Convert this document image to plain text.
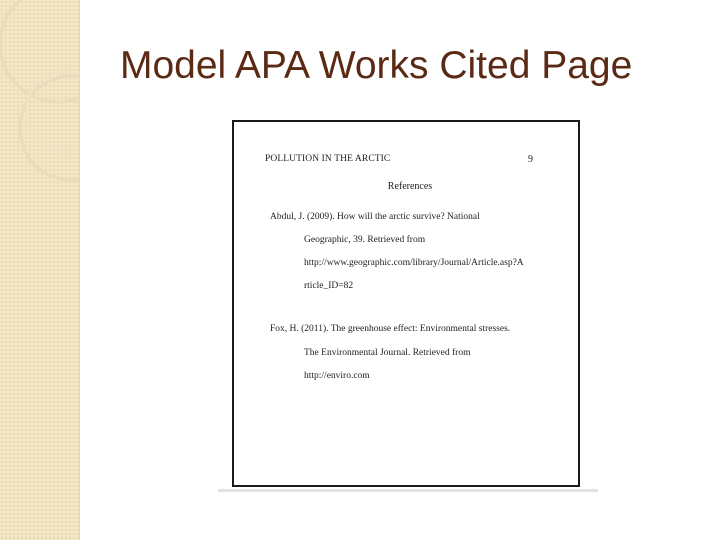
Model APA Works Cited Page
POLLUTION IN THE ARCTIC	9
References
Abdul, J. (2009). How will the arctic survive? National
Geographic, 39. Retrieved from
http://www.geographic.com/library/Journal/Article.asp?A
rticle_ID=82
Fox, H. (2011). The greenhouse effect: Environmental stresses.
The Environmental Journal. Retrieved from
http://enviro.com
